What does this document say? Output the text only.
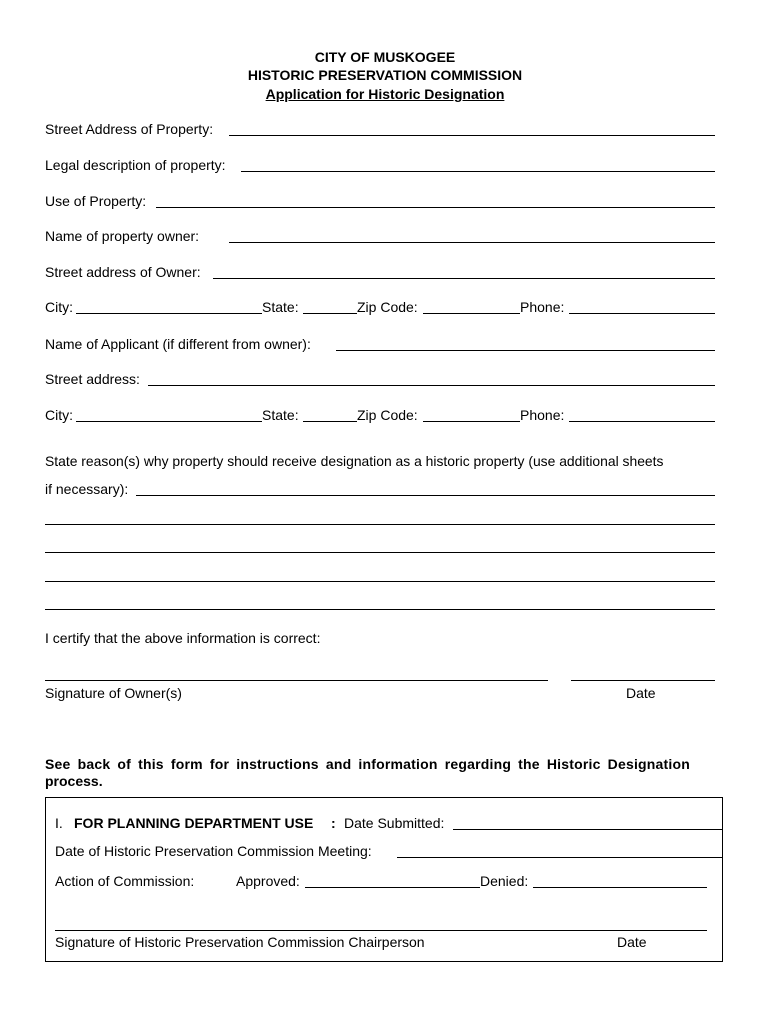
CITY OF MUSKOGEE
HISTORIC PRESERVATION COMMISSION
Application for Historic Designation
Street Address of Property:
Legal description of property:
Use of Property:
Name of property owner:
Street address of Owner:
City:	State:	Zip Code:	Phone:
Name of Applicant (if different from owner):
Street address:
City:	State:	Zip Code:	Phone:
State reason(s) why property should receive designation as a historic property (use additional sheets
if necessary):
I certify that the above information is correct:
Signature of Owner(s)	Date
See back of this form for instructions and information regarding the Historic Designation
process.
I. FOR PLANNING DEPARTMENT USE : Date Submitted:
Date of Historic Preservation Commission Meeting:
Action of Commission:	Approved:	Denied:
Signature of Historic Preservation Commission Chairperson	Date
